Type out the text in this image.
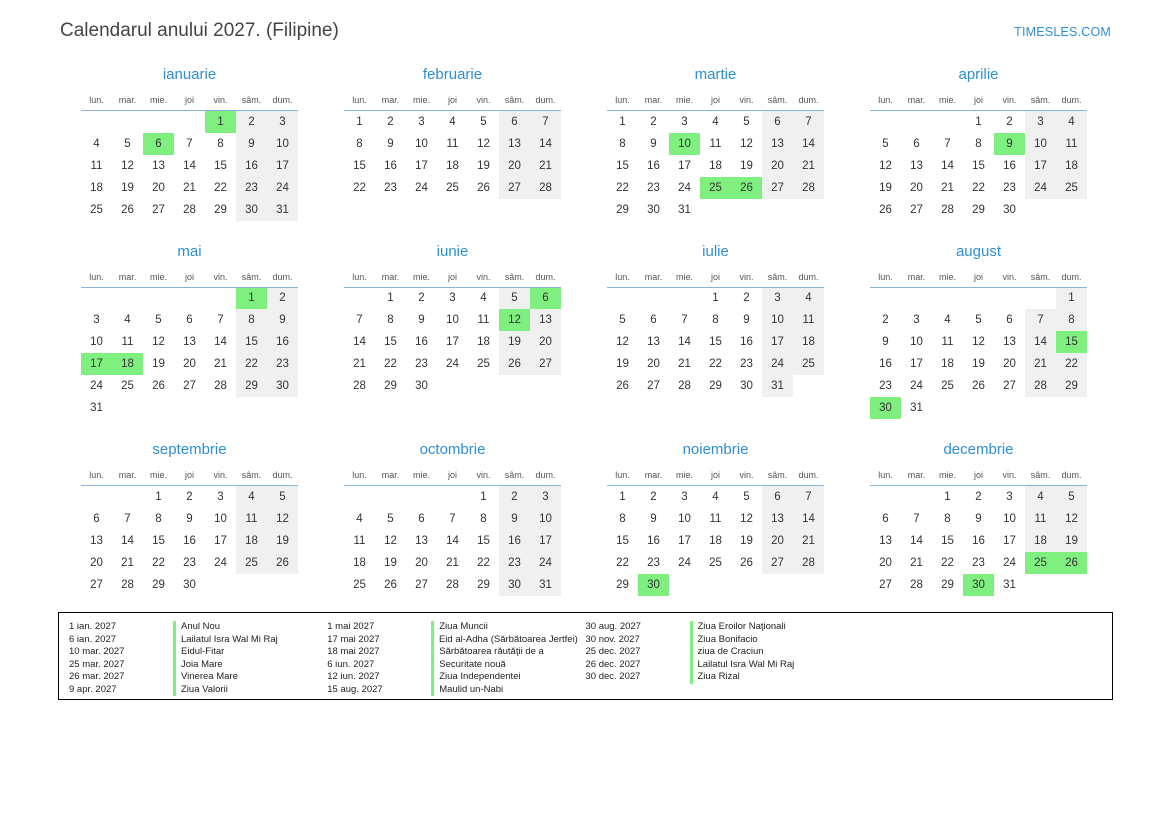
Calendarul anului 2027. (Filipine)	TIMESLES.COM
ianuarie
lun.	mar.	mie.	joi	vin.	sâm.	dum.
				1	2	3
4	5	6	7	8	9	10
11	12	13	14	15	16	17
18	19	20	21	22	23	24
25	26	27	28	29	30	31
februarie
lun.	mar.	mie.	joi	vin.	sâm.	dum.
1	2	3	4	5	6	7
8	9	10	11	12	13	14
15	16	17	18	19	20	21
22	23	24	25	26	27	28
martie
lun.	mar.	mie.	joi	vin.	sâm.	dum.
1	2	3	4	5	6	7
8	9	10	11	12	13	14
15	16	17	18	19	20	21
22	23	24	25	26	27	28
29	30	31				
aprilie
lun.	mar.	mie.	joi	vin.	sâm.	dum.
			1	2	3	4
5	6	7	8	9	10	11
12	13	14	15	16	17	18
19	20	21	22	23	24	25
26	27	28	29	30		
mai
lun.	mar.	mie.	joi	vin.	sâm.	dum.
					1	2
3	4	5	6	7	8	9
10	11	12	13	14	15	16
17	18	19	20	21	22	23
24	25	26	27	28	29	30
31						
iunie
lun.	mar.	mie.	joi	vin.	sâm.	dum.
	1	2	3	4	5	6
7	8	9	10	11	12	13
14	15	16	17	18	19	20
21	22	23	24	25	26	27
28	29	30				
iulie
lun.	mar.	mie.	joi	vin.	sâm.	dum.
			1	2	3	4
5	6	7	8	9	10	11
12	13	14	15	16	17	18
19	20	21	22	23	24	25
26	27	28	29	30	31	
august
lun.	mar.	mie.	joi	vin.	sâm.	dum.
						1
2	3	4	5	6	7	8
9	10	11	12	13	14	15
16	17	18	19	20	21	22
23	24	25	26	27	28	29
30	31					
septembrie
lun.	mar.	mie.	joi	vin.	sâm.	dum.
		1	2	3	4	5
6	7	8	9	10	11	12
13	14	15	16	17	18	19
20	21	22	23	24	25	26
27	28	29	30			
octombrie
lun.	mar.	mie.	joi	vin.	sâm.	dum.
				1	2	3
4	5	6	7	8	9	10
11	12	13	14	15	16	17
18	19	20	21	22	23	24
25	26	27	28	29	30	31
noiembrie
lun.	mar.	mie.	joi	vin.	sâm.	dum.
1	2	3	4	5	6	7
8	9	10	11	12	13	14
15	16	17	18	19	20	21
22	23	24	25	26	27	28
29	30					
decembrie
lun.	mar.	mie.	joi	vin.	sâm.	dum.
		1	2	3	4	5
6	7	8	9	10	11	12
13	14	15	16	17	18	19
20	21	22	23	24	25	26
27	28	29	30	31		
1 ian. 2027	Anul Nou
6 ian. 2027	Lailatul Isra Wal Mi Raj
10 mar. 2027	Eidul-Fitar
25 mar. 2027	Joia Mare
26 mar. 2027	Vinerea Mare
9 apr. 2027	Ziua Valorii
1 mai 2027	Ziua Muncii
17 mai 2027	Eid al-Adha (Sărbătoarea Jertfei)
18 mai 2027	Sărbătoarea răutăţii de a
6 iun. 2027	Securitate nouă
12 iun. 2027	Ziua Independentei
15 aug. 2027	Maulid un-Nabi
30 aug. 2027	Ziua Eroilor Naţionali
30 nov. 2027	Ziua Bonifacio
25 dec. 2027	ziua de Craciun
26 dec. 2027	Lailatul Isra Wal Mi Raj
30 dec. 2027	Ziua Rizal
